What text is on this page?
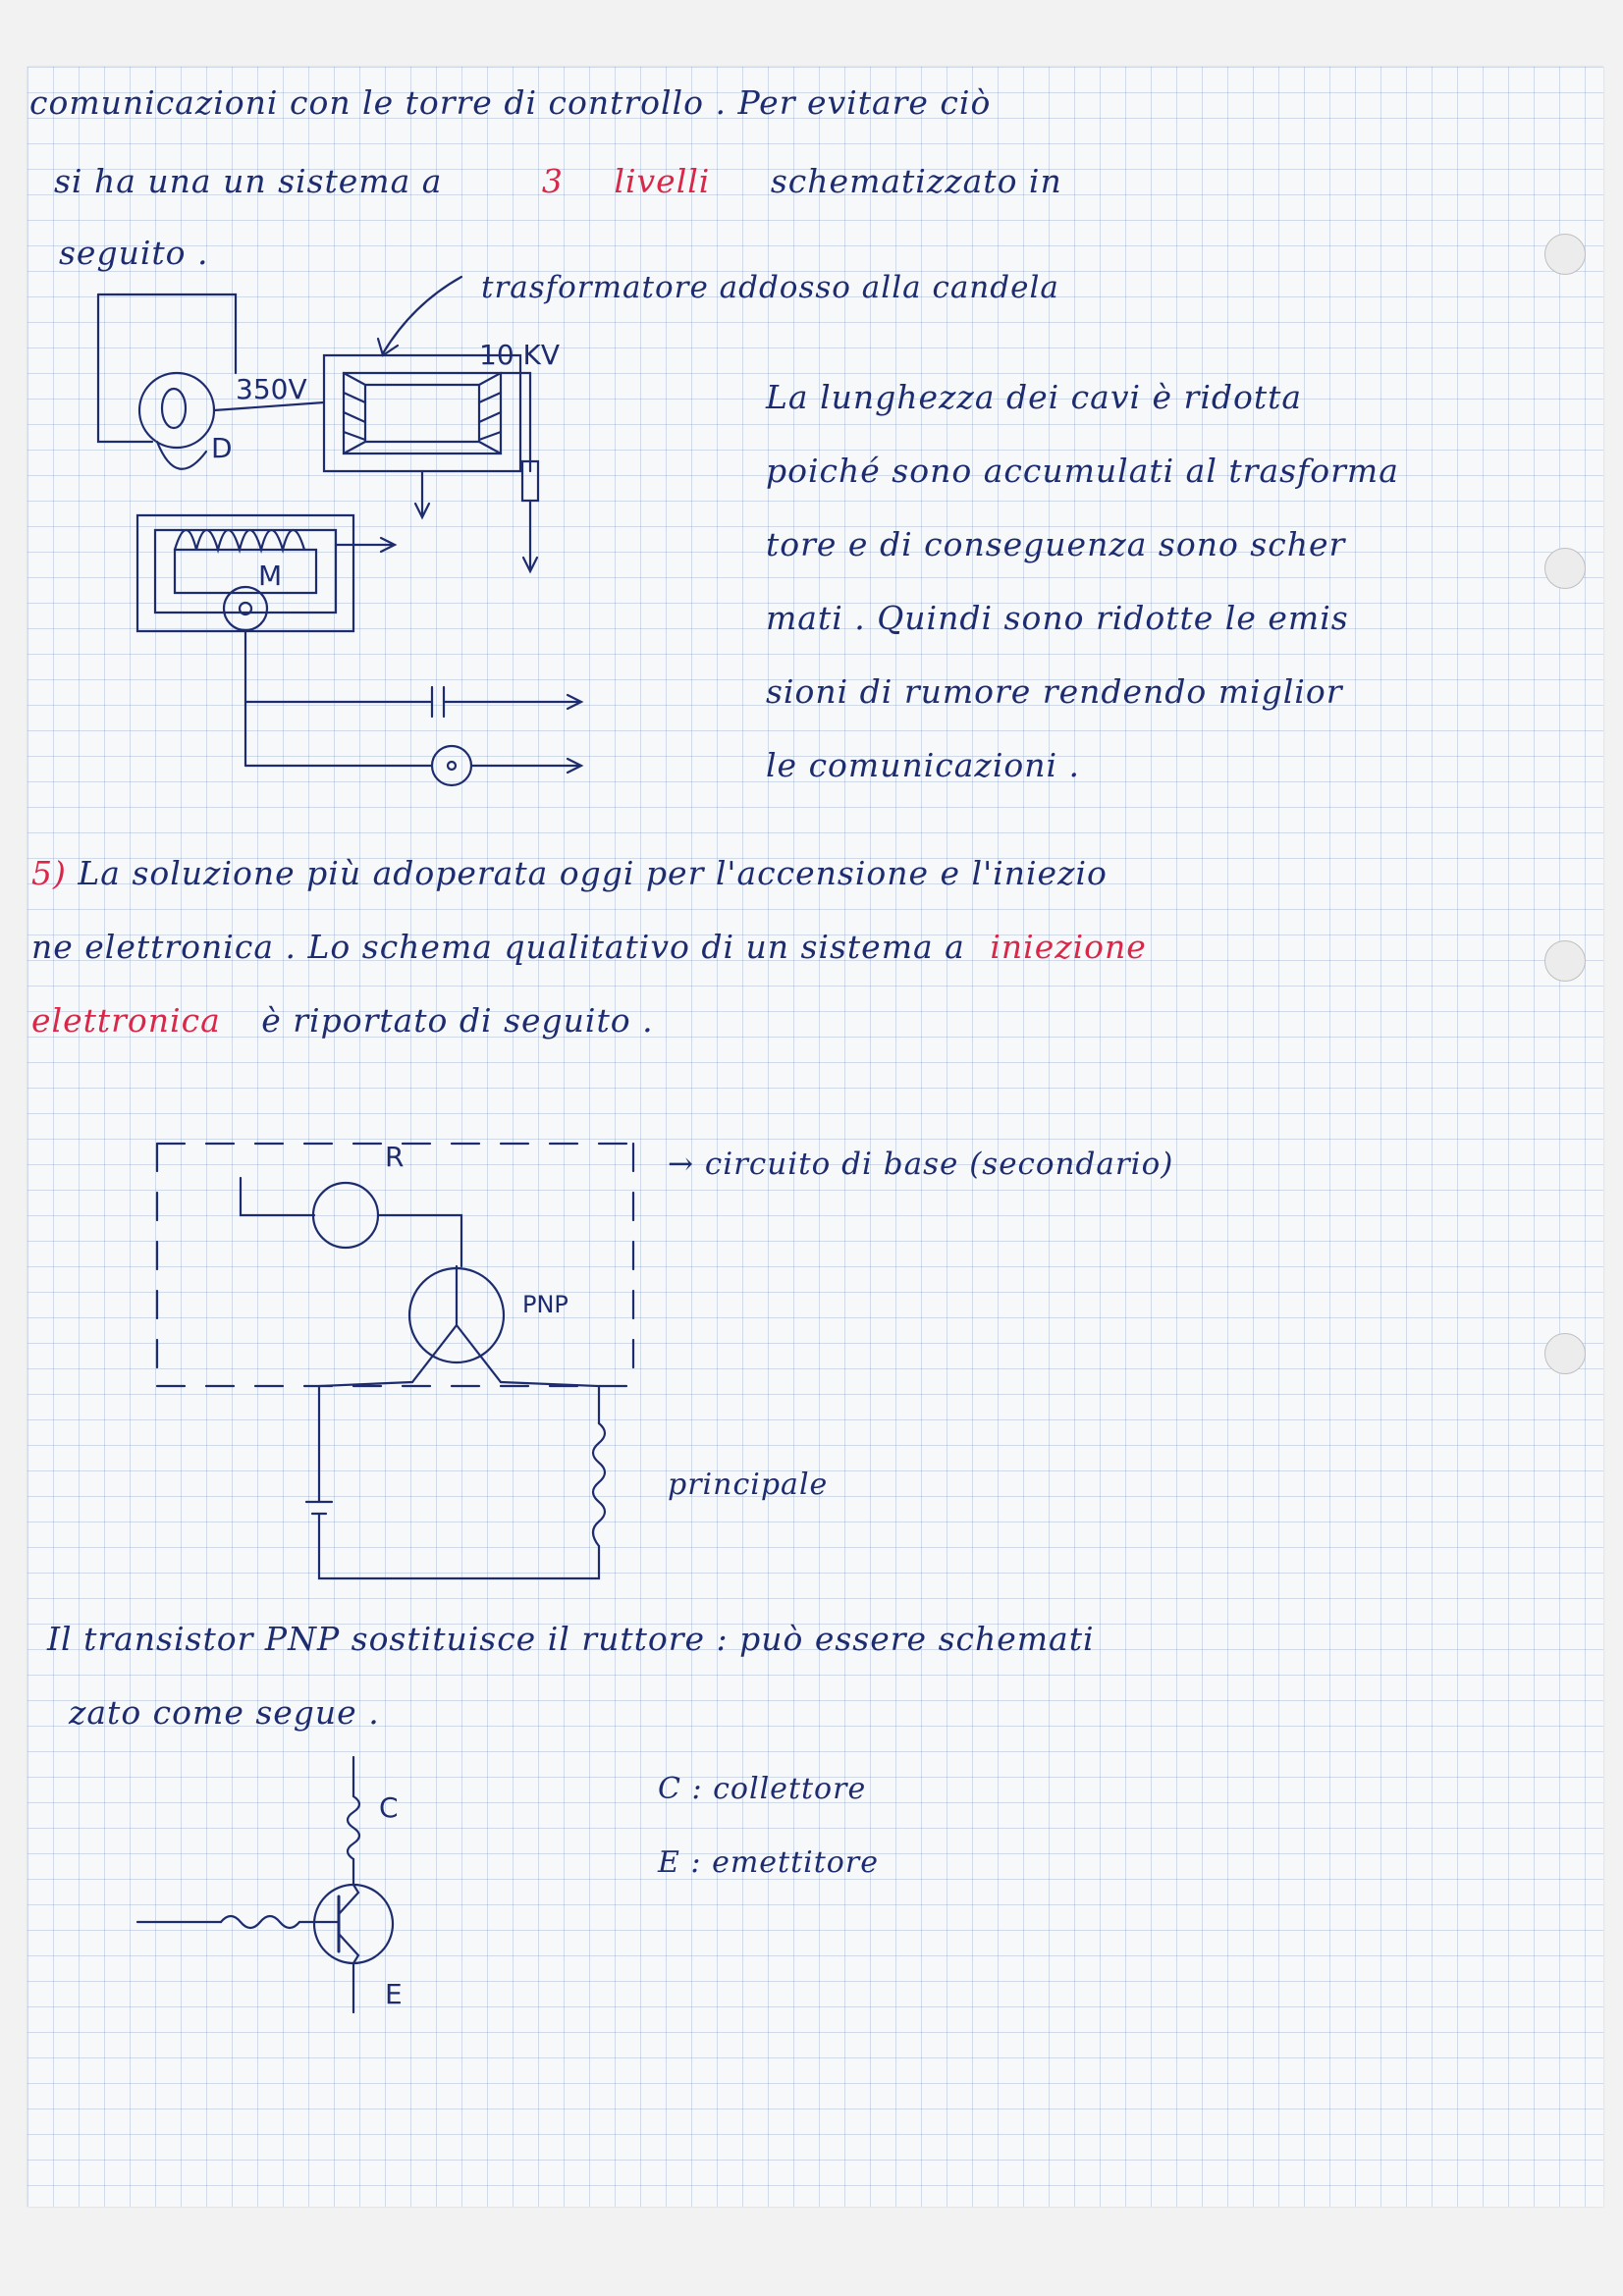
comunicazioni con le torre di controllo . Per evitare ciò
si ha una un sistema a	3 livelli schematizzato in
seguito .
trasformatore addosso alla candela
350V
10 KV
D
M
La lunghezza dei cavi è ridotta
poiché sono accumulati al trasforma
tore e di conseguenza sono scher
mati . Quindi sono ridotte le emis
sioni di rumore rendendo miglior
le comunicazioni .
5) La soluzione più adoperata oggi per l'accensione e l'iniezio
ne elettronica . Lo schema qualitativo di un sistema a iniezione
elettronica è riportato di seguito .
R
PNP
→ circuito di base (secondario)
principale
Il transistor PNP sostituisce il ruttore : può essere schemati
zato come segue .
C
E
C : collettore
E : emettitore
